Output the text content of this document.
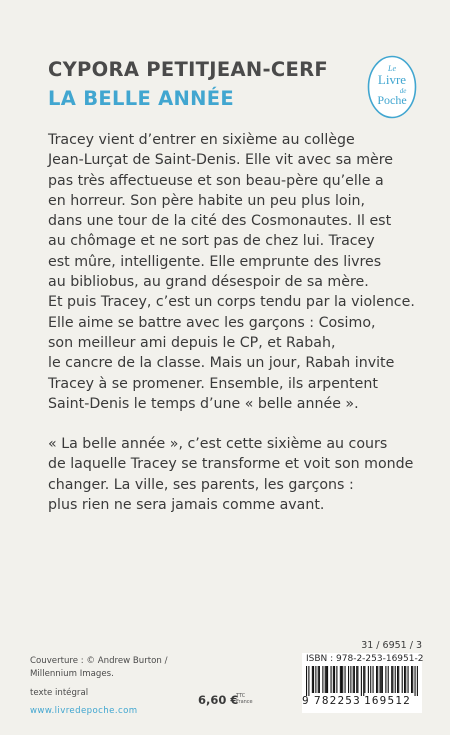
CYPORA PETITJEAN-CERF
LA BELLE ANNÉE
Le
Livre
de
Poche
Tracey vient d’entrer en sixième au collège
Jean-Lurçat de Saint-Denis. Elle vit avec sa mère
pas très affectueuse et son beau-père qu’elle a
en horreur. Son père habite un peu plus loin,
dans une tour de la cité des Cosmonautes. Il est
au chômage et ne sort pas de chez lui. Tracey
est mûre, intelligente. Elle emprunte des livres
au bibliobus, au grand désespoir de sa mère.
Et puis Tracey, c’est un corps tendu par la violence.
Elle aime se battre avec les garçons : Cosimo,
son meilleur ami depuis le CP, et Rabah,
le cancre de la classe. Mais un jour, Rabah invite
Tracey à se promener. Ensemble, ils arpentent
Saint-Denis le temps d’une « belle année ».
« La belle année », c’est cette sixième au cours
de laquelle Tracey se transforme et voit son monde
changer. La ville, ses parents, les garçons :
plus rien ne sera jamais comme avant.
Couverture : © Andrew Burton /
Millennium Images.
texte intégral
www.livredepoche.com
6,60 €
TTC
France
31 / 6951 / 3
ISBN : 978-2-253-16951-2
9 782253 169512
